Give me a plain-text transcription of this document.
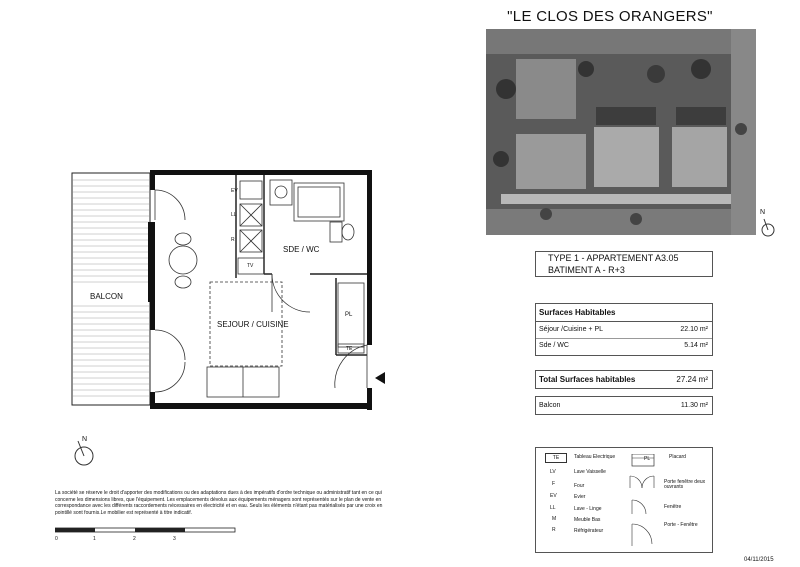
"LE CLOS DES ORANGERS"
N
TYPE 1 - APPARTEMENT A3.05
BATIMENT A - R+3
Surfaces Habitables
Séjour /Cuisine + PL	22.10 m²
Sde / WC	5.14 m²
Total Surfaces habitables	27.24 m²
Balcon	11.30 m²
BALCON
SEJOUR / CUISINE
SDE / WC
PL
TE
TV
EV
LL
R
N
La société se réserve le droit d'apporter des modifications ou des adaptations dues à des impératifs d'ordre technique ou administratif tant en ce qui concerne les dimensions libres, que l'équipement. Les emplacements dévolus aux équipements ménagers sont représentés sur le plan de vente en correspondance avec les différents raccordements nécessaires en électricité et en eau. Seuls les éléments n'étant pas matérialisés par une croix en pointillé sont fournis.Le mobilier est représenté à titre indicatif.
0	1	2	3
TE	Tableau Electrique
LV	Lave Vaisselle
F	Four
EV	Evier
LL	Lave - Linge
M	Meuble Bas
R	Réfrigérateur
PL	Placard
Porte fenêtre deux ouvrants
Fenêtre
Porte - Fenêtre
04/11/2015
